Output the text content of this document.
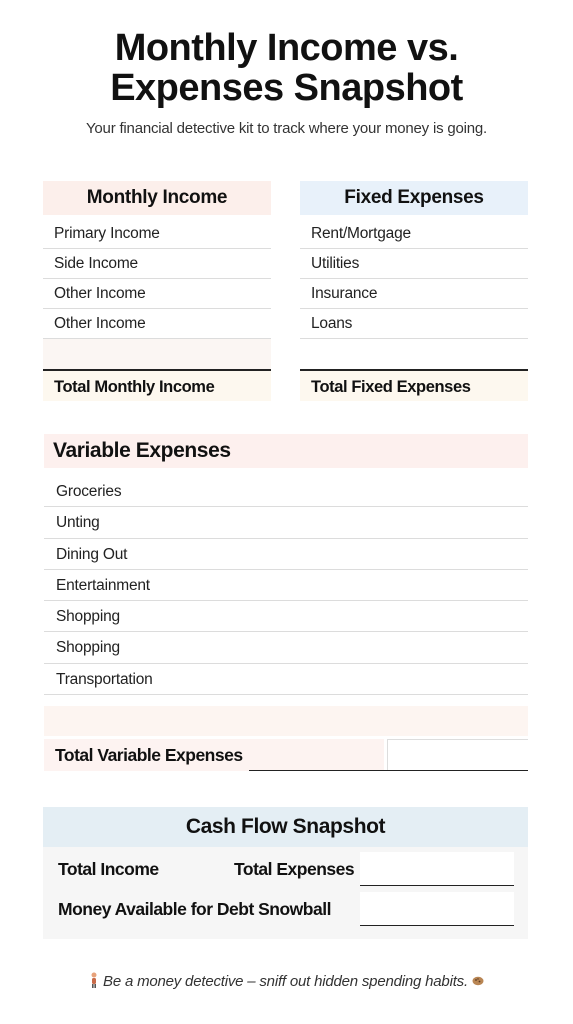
Monthly Income vs.
Expenses Snapshot
Your financial detective kit to track where your money is going.
Monthly Income
Primary Income
Side Income
Other Income
Other Income
Total Monthly Income
Fixed Expenses
Rent/Mortgage
Utilities
Insurance
Loans
Total Fixed Expenses
Variable Expenses
Groceries
Unting
Dining Out
Entertainment
Shopping
Shopping
Transportation
Total Variable Expenses
Cash Flow Snapshot
Total Income	Total Expenses
Money Available for Debt Snowball
Be a money detective – sniff out hidden spending habits.
